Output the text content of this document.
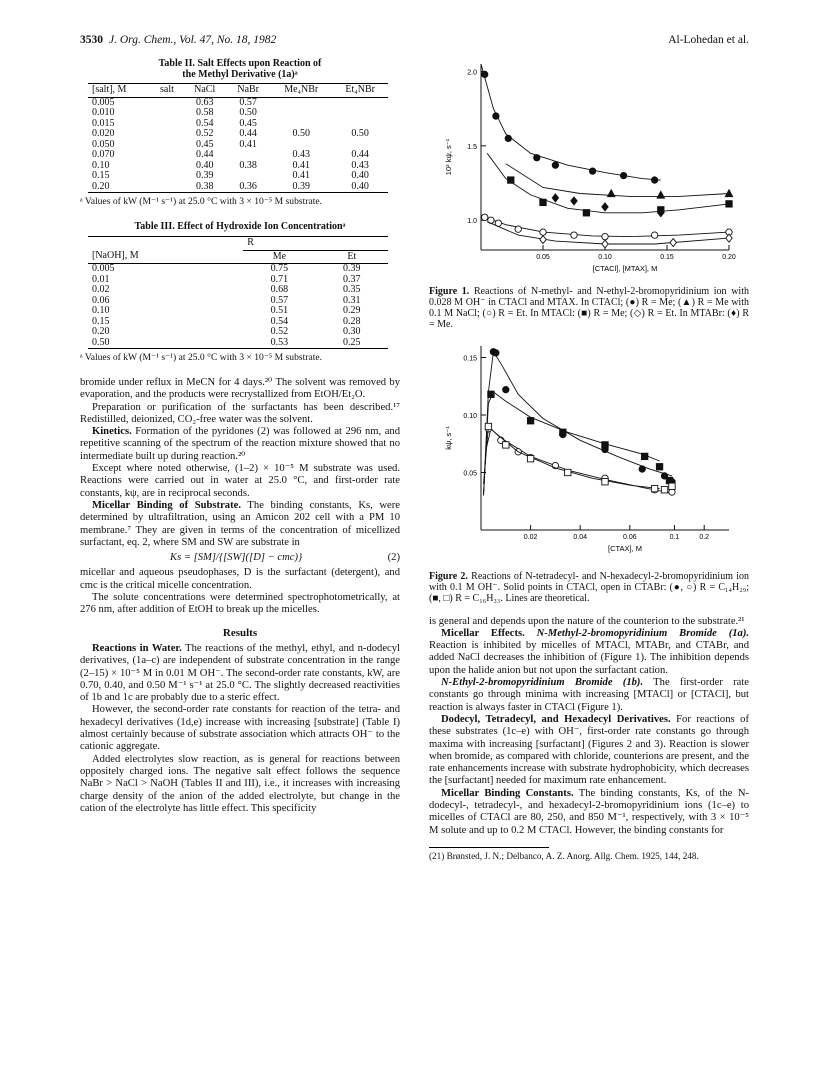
3530 J. Org. Chem., Vol. 47, No. 18, 1982	Al-Lohedan et al.
Table II. Salt Effects upon Reaction of
the Methyl Derivative (1a)ᵃ
[salt], M	salt	NaCl	NaBr	Me₄NBr	Et₄NBr
0.005		0.63	0.57		
0.010		0.58	0.50		
0.015		0.54	0.45		
0.020		0.52	0.44	0.50	0.50
0.050		0.45	0.41		
0.070		0.44		0.43	0.44
0.10		0.40	0.38	0.41	0.43
0.15		0.39		0.41	0.40
0.20		0.38	0.36	0.39	0.40
ᵃ Values of kW (M⁻¹ s⁻¹) at 25.0 °C with 3 × 10⁻⁵ M substrate.
Table III. Effect of Hydroxide Ion Concentrationᵃ
	R	
[NaOH], M	Me	Et
0.005	0.75	0.39
0.01	0.71	0.37
0.02	0.68	0.35
0.06	0.57	0.31
0.10	0.51	0.29
0.15	0.54	0.28
0.20	0.52	0.30
0.50	0.53	0.25
ᵃ Values of kW (M⁻¹ s⁻¹) at 25.0 °C with 3 × 10⁻⁵ M substrate.

bromide under reflux in MeCN for 4 days.²⁰ The solvent was removed by evaporation, and the products were recrystallized from EtOH/Et₂O.

Preparation or purification of the surfactants has been described.¹⁷ Redistilled, deionized, CO₂-free water was the solvent.

Kinetics. Formation of the pyridones (2) was followed at 296 nm, and repetitive scanning of the spectrum of the reaction mixture showed that no intermediate built up during reaction.²⁰

Except where noted otherwise, (1–2) × 10⁻⁵ M substrate was used. Reactions were carried out in water at 25.0 °C, and first-order rate constants, kψ, are in reciprocal seconds.

Micellar Binding of Substrate. The binding constants, Ks, were determined by ultrafiltration, using an Amicon 202 cell with a PM 10 membrane.⁷ They are given in terms of the concentration of micellized surfactant, eq. 2, where SM and SW are substrate in

Ks = [SM]/{[SW]([D] − cmc)}	(2)

micellar and aqueous pseudophases, D is the surfactant (detergent), and cmc is the critical micelle concentration.

The solute concentrations were determined spectrophotometrically, at 276 nm, after addition of EtOH to break up the micelles.

Results

Reactions in Water. The reactions of the methyl, ethyl, and n-dodecyl derivatives, (1a–c) are independent of substrate concentration in the range (2–15) × 10⁻⁵ M in 0.01 M OH⁻. The second-order rate constants, kW, are 0.70, 0.40, and 0.50 M⁻¹ s⁻¹ at 25.0 °C. The slightly decreased reactivities of 1b and 1c are probably due to a steric effect.

However, the second-order rate constants for reaction of the tetra- and hexadecyl derivatives (1d,e) increase with increasing [substrate] (Table I) almost certainly because of substrate association which attracts OH⁻ to the cationic aggregate.

Added electrolytes slow reaction, as is general for reactions between oppositely charged ions. The negative salt effect follows the sequence NaBr > NaCl > NaOH (Tables II and III), i.e., it increases with increasing charge density of the anion of the added electrolyte, but change in the cation of the electrolyte has little effect. This specificity

1.0
1.5
2.0
0.05	0.10	0.15	0.20
10² kψ, s⁻¹
[CTACl], [MTAX], M
Figure 1. Reactions of N-methyl- and N-ethyl-2-bromopyridinium ion with 0.028 M OH⁻ in CTACl and MTAX. In CTACl; (●) R = Me; (▲) R = Me with 0.1 M NaCl; (○) R = Et. In MTACl: (■) R = Me; (◇) R = Et. In MTABr: (♦) R = Me.
0.05
0.10
0.15
0.02	0.04	0.06	0.1	0.2
kψ, s⁻¹
[CTAX], M
Figure 2. Reactions of N-tetradecyl- and N-hexadecyl-2-bromopyridinium ion with 0.1 M OH⁻. Solid points in CTACl, open in CTABr: (●, ○) R = C₁₄H₂₉; (■, □) R = C₁₆H₃₃. Lines are theoretical.

is general and depends upon the nature of the counterion to the substrate.²¹

Micellar Effects. N-Methyl-2-bromopyridinium Bromide (1a). Reaction is inhibited by micelles of MTACl, MTABr, and CTABr, and added NaCl decreases the inhibition of (Figure 1). The inhibition depends upon the halide anion but not upon the surfactant cation.

N-Ethyl-2-bromopyridinium Bromide (1b). The first-order rate constants go through minima with increasing [MTACl] or [CTACl], but reaction is always faster in CTACl (Figure 1).

Dodecyl, Tetradecyl, and Hexadecyl Derivatives. For reactions of these substrates (1c–e) with OH⁻, first-order rate constants go through maxima with increasing [surfactant] (Figures 2 and 3). Reaction is slower when bromide, as compared with chloride, counterions are present, and the rate enhancements increase with substrate hydrophobicity, which decreases the [surfactant] needed for maximum rate enhancement.

Micellar Binding Constants. The binding constants, Ks, of the N-dodecyl-, tetradecyl-, and hexadecyl-2-bromopyridinium ions (1c–e) to micelles of CTACl are 80, 250, and 850 M⁻¹, respectively, with 3 × 10⁻⁵ M solute and up to 0.2 M CTACl. However, the binding constants for

(21) Brønsted, J. N.; Delbanco, A. Z. Anorg. Allg. Chem. 1925, 144, 248.
